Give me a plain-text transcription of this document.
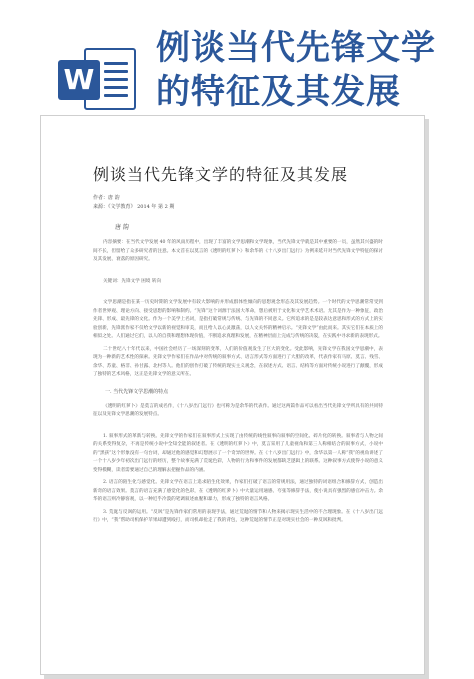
W
例谈当代先锋文学
的特征及其发展
例谈当代先锋文学的特征及其发展
作者：唐 韵
来源：《文学教育》 2014 年 第 2 期
唐 韵

内容摘要：在当代文学发展 40 年的风雨历程中，出现了丰富的文学思潮和文学现象，当代先锋文学就是其中重要的一员，虽然其兴盛的时间不长，但留给了众多研究者的注意。本文首在以莫言的《透明的红萝卜》和余华的《十八岁出门远行》为例来延开对当代先锋文学特征的探讨及其发展、衰落的原因研究。

关键词：先锋文学 困境 转向

文学思潮是指在某一历史时期的文学发展中有较大影响的并形成群体性倾向的思想观念形态及其发展趋势。一个时代的文学思潮常常受到作者世界观、理论方向、接受思想的影响和制约。“先锋”这个词源于法国大革命，想后被用于文化和文学艺术术语。尤其是作为一种象征，政治先锋、形成、最先锋的文化。作为一个美学上名词，是指打破常规与传统、与先锋的不同意义。它所追求的是是较表达意思和形式的方式上的实验创新，先锋派作家不仅给文学以新的视觉和审美，而且给人以心灵激荡，以人文关怀的精神启示。“先锋文学”由此而来。其实它们在本质上的相似之处。人们通过它们，以人的自我和理想体现价值，不断追求真理和发展，在精神层面上完成与传统的决裂，在实践中寻求新的表现形式。

二十世纪八十年代以来，中国社会经历了一场深刻的变革，人们的价值观发生了巨大的变化。受此影响，先锋文学在我国文学思潮中，表现为一种新的艺术性的探索。先锋文学作家们在作品中对传统的叙事方式、语言形式等方面进行了大胆的改革，代表作家有马原、莫言、残雪、余华、苏童、格非、孙甘露、北村等人。他们的创作打破了传统的现实主义观念，在叙述方式、语言、结构等方面对传统小说进行了颠覆，形成了独特的艺术风格，这正是先锋文学的意义所在。

一. 当代先锋文学思潮的特点

《透明的红萝卜》是莫言的成名作，《十八岁出门远行》也可称为是余华的代表作。通过这两篇作品可以看出当代先锋文学所具有的共同特征以及先锋文学思潮的发展特点。

1. 叙事形式的革新与转换。先锋文学的作家们在叙事形式上实现了由传统的线性叙事向叙事的空间化、碎片化的转换。叙事者与人物之间的关系变得复杂，不再是传统小说中全知全能的叙述者。在《透明的红萝卜》中，莫言采用了儿童视角和第三人称相结合的叙事方式，小说中的“黑孩”这个形象没有一句台词，却通过他的感觉和幻想展示了一个奇异的世界。在《十八岁出门远行》中，余华以第一人称“我”的视角讲述了一个十八岁少年初次出门远行的经历，整个故事充满了荒诞色彩，人物的行为和事件的发展都缺乏逻辑上的联系。这种叙事方式使得小说的意义变得模糊，读者需要通过自己的理解去把握作品的内涵。

2. 语言的陌生化与感觉化。先锋文学在语言上追求陌生化效果，作家们打破了语言的常规用法，通过独特的词语组合和修辞方式，创造出新奇的语言效果。莫言的语言充满了感觉化的色彩，在《透明的红萝卜》中大量运用通感、夸张等修辞手法，使小说具有强烈的感官冲击力。余华的语言则冷静客观，以一种近乎冷漠的笔调叙述血腥和暴力，形成了独特的语言风格。

3. 荒诞与反讽的运用。“反讽”是先锋作家们常用的表现手法，通过荒诞的情节和人物来揭示现实生活中的不合理现象。在《十八岁出门远行》中，“我”帮助司机保护苹果却遭到殴打，而司机却抢走了我的背包，这种荒诞的情节正是对现实社会的一种反讽和批判。
